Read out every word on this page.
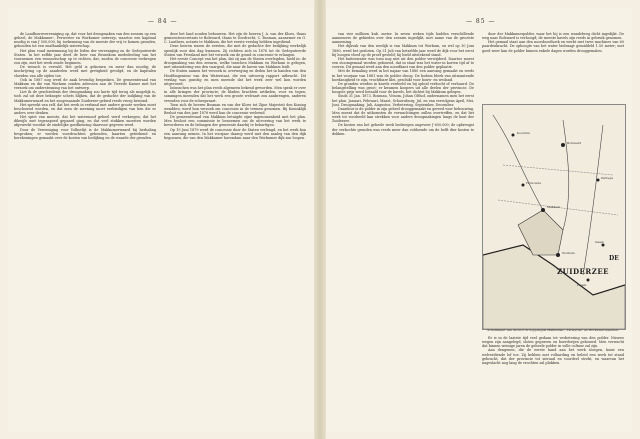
— 84 —

de Landbouwvereeniging op, dat voor het droogmaken van den zeearm op een geheel, de Makkumer-, Ferwerter en Workumer ontwerp, waartoe een kapitaal noodig is van ƒ 500,000, bij toekenning van de meeste der vrij te komen gronden, gehouden tot een onafhankelijk waterschap.

Het plan vond instemming bij de leden der vereeniging en de Gedeputeerde Staten. In het zelfde jaar deed de heer van Beusekom mededeeling van het voornemen een vennootschap op te richten, dat, zoodra de concessie verkregen zou zijn, met het werk zoude beginnen.

De wensch is vervuld. Het geld is gekomen en meer dan noodig; de inschrijving op de aandeelen werd met gretigheid gevolgd, en de kapitalen vloeiden van alle zijden toe.

Ook in 1887 nog werd de zaak levendig besproken. De gemeenteraad van Makkum en die van Workum zonden adressen aan de Tweede Kamer met het verzoek om ondersteuning van het ontwerp.

Liet ik de geschiedenis der droogmaking zoo korte tijd terug als mogelijk is, toch zal uit deze beknopte schets blijken, dat de gedachte der indijking van de Makkumerwaard en het zoogenaamde Zuiderzee-gebied reeds vroeg bestond.

Het spreekt van zelf, dat het werk in verband met andere groote werken moet beschouwd worden, en dat men de meening moet eerbiedigen van hen die er anders over denken.

Het spiet van meeste, dat het watermoof geheel werd verkregen; dat het dikwijls met tegenspoed gepaard ging, en dat veel stukken moesten worden afgewerkt voordat de eindelijke goedkeuring daarvoor gegeven werd.

Door de Vereeniging voor Volksvlijt is de Makkumerwaard bij herhaling besproken; er werden voordrachten gehouden, kaarten geteekend en berekeningen gemaakt over de kosten van bedijking en de waarde der gronden.

deze het land zouden bebouwen. Het zijn de heeren J. A. van der Kloes, thans gemeentesecretaris te Bolsward, thans te Dordrecht, C. Bosman, aannemer en G. C. Lauthers, notaris te Makkum, die het eerste verslag hebben ingediend.

Deze heeren waren de eersten, die met de gedachte der bedijking werkelijk openlijk voor den dag kwamen. Zij richtten zich in 1876 tot de Gedeputeerde Staten van Friesland met het verzoek om de grond in concessie te erlangen.

Het eerste Concept van het plan, dat zij aan de Staten overlegden, hield in: de droogmaking van den zeearm, welke tusschen Makkum en Workum is gelegen, met uitzondering van den vaargeul, die naar de haven van Makkum leidt.

De Staten namen het verzoek in overweging en deden het in handen van den Hoofdingenieur van den Waterstaat, die een uitvoerig rapport uitbracht. Dit verslag was gunstig en men meende dat het werk zeer wel kon worden uitgevoerd.

Intusschen was het plan reeds algemeen bekend geworden. Men sprak er over in alle kringen der provincie; de bladen brachten artikelen, voor en tegen; sommigen meenden dat het werk een groote welvaart zou aanbrengen, anderen vreesden voor de scheepvaart.

Toen zich de heeren Bosman en van der Kloes tot Zijne Majesteit den Koning wendden, werd hun verzoek om concessie in de termen genomen. Bij Koninklijk Besluit van den jare 1878 werd hun de concessie verleend.

De gemeenteraad van Makkum betuigde zijne ingenomenheid met het plan. Men besloot een commissie te benoemen om de uitvoering van het werk te bevorderen en de belangen der gemeente daarbij te behartigen.

Op 19 Juni 1879 werd de concessie door de Staten verlengd, en het werk kon een aanvang nemen. In het voorjaar daarop werd met den aanleg van den dijk begonnen, die van den Makkumer havendam naar den Workumer dijk zou loopen.

— 85 —

van vier millioen kub. meter. In zeven weken tijds hadden verschillende aannemers de gebieden over den zeearm ingedijkt, met name van de grootste aanneming.

Het dijkvak van den zeedijk is van Makkum tot Workum, en wel op 30 Juni 1880, werd het gesloten. Op 31 Juli van hetzelfde jaar werd de dijk voor het eerst bij hoogen vloed op de proef gesteld; hij hield uitstekend stand.

Het buitenwater was toen nog niet uit den polder verwijderd. Daartoe moest een stoomgemaal worden gebouwd, dat in staat was het water in korten tijd af te voeren. Dit gemaal werd aan den noordkant van den polder geplaatst.

Met de bemaling werd in het najaar van 1880 een aanvang gemaakt en reeds in het voorjaar van 1881 was de polder droog. De bodem bleek van uitmuntende hoedanigheid te zijn, vruchtbare klei, geschikt voor bouw- en weiland.

De gronden werden in kavels verdeeld en bij opbod verkocht of verhuurd. De belangstelling was groot; er kwamen koopers uit alle deelen der provincie. De hoogste prijs werd betaald voor de kavels, het dichtst bij Makkum gelegen.

Sinds 31 Jan. 1873, Bosman, Vitsom, Johan Olthof, ondernamen men het eerst het plan. Januari, Februari, Maart, Schouwburg, Jul. en van vervolgens April, Mei, Juni. Droogmaking. Juli, Augustus, Verbetering, September, December.

Daardoor is de polder in zijn geheel drooggemaakt en gereed voor bebouwing. Men meent dat de uitkomsten de verwachtingen zullen overtreffen, en dat het werk tot voorbeeld kan strekken voor andere droogmakingen langs de kust der Zuiderzee.

De kosten van het geheele werk bedroegen ongeveer ƒ 650,000; de opbrengst der verkochte gronden was reeds meer dan voldoende om de helft dier kosten te dekken.

door der Makkumerpolder, waar het bij is een wandelweg dicht ingedijkt. De weg naar Bolsward is verhoogd; de meeste kavels zijn reeds in gebruik genomen.

Het gemaal staat aan den noordoosthoek en werkt met twee machines van 60 paardenkracht. De ophoogte van het water bedraagt gemiddeld 1.50 meter; met goed weer kan de polder binnen enkele dagen worden drooggemalen.

Makkum
Bolsward
Workum
Parrega
Koudum
Gaast
Piaam
Ferwoude
ZUIDERZEE
DE
Schetskaart van de door drooggelegde Makkumer-, Ferwerter- en Workumerwaarden.

Er is in de laatste tijd veel gedaan tot verbetering van den polder. Nieuwe wegen zijn aangelegd, sloten gegraven en boerderijen gebouwd. Men verwacht dat binnen weinige jaren de geheele polder in volle cultuur zal zijn.

Aan dengenen, die de eerste hand aan het werk sloegen, komt een welverdiende lof toe. Zij hebben met volharding en beleid een werk tot stand gebracht, dat der provincie tot sieraad en voordeel strekt, en waarvan het nageslacht nog lang de vruchten zal plukken.
